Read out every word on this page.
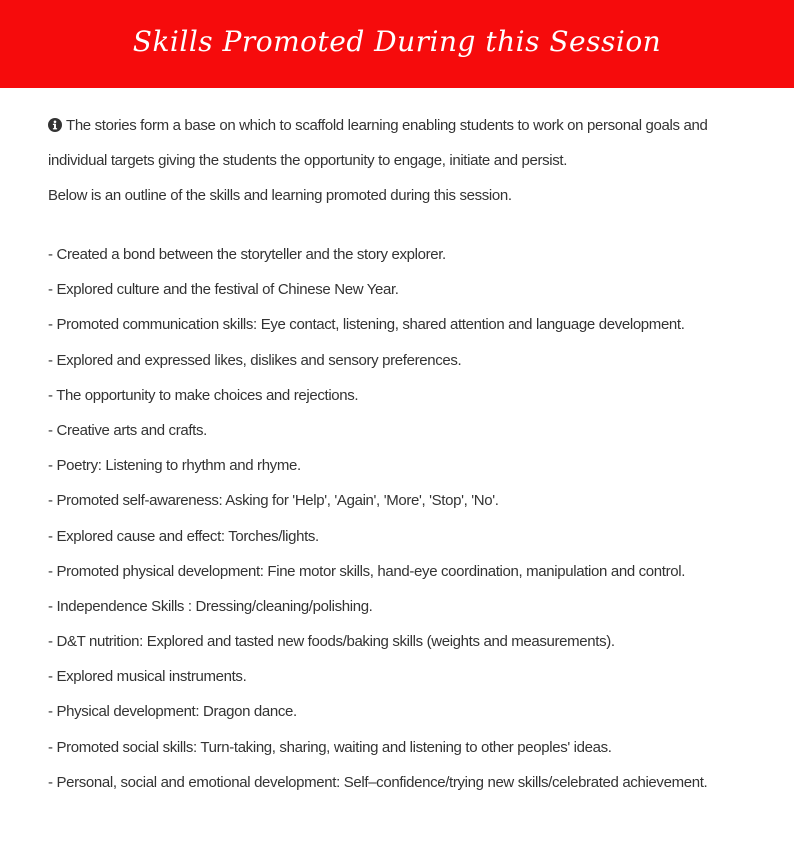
Skills Promoted During this Session
The stories form a base on which to scaffold learning enabling students to work on personal goals and
individual targets giving the students the opportunity to engage, initiate and persist.
Below is an outline of the skills and learning promoted during this session.
- Created a bond between the storyteller and the story explorer.
- Explored culture and the festival of Chinese New Year.
- Promoted communication skills: Eye contact, listening, shared attention and language development.
- Explored and expressed likes, dislikes and sensory preferences.
- The opportunity to make choices and rejections.
- Creative arts and crafts.
- Poetry: Listening to rhythm and rhyme.
- Promoted self-awareness: Asking for 'Help', 'Again', 'More', 'Stop', 'No'.
- Explored cause and effect: Torches/lights.
- Promoted physical development: Fine motor skills, hand-eye coordination, manipulation and control.
- Independence Skills : Dressing/cleaning/polishing.
- D&T nutrition: Explored and tasted new foods/baking skills (weights and measurements).
- Explored musical instruments.
- Physical development: Dragon dance.
- Promoted social skills: Turn-taking, sharing, waiting and listening to other peoples' ideas.
- Personal, social and emotional development: Self–confidence/trying new skills/celebrated achievement.
